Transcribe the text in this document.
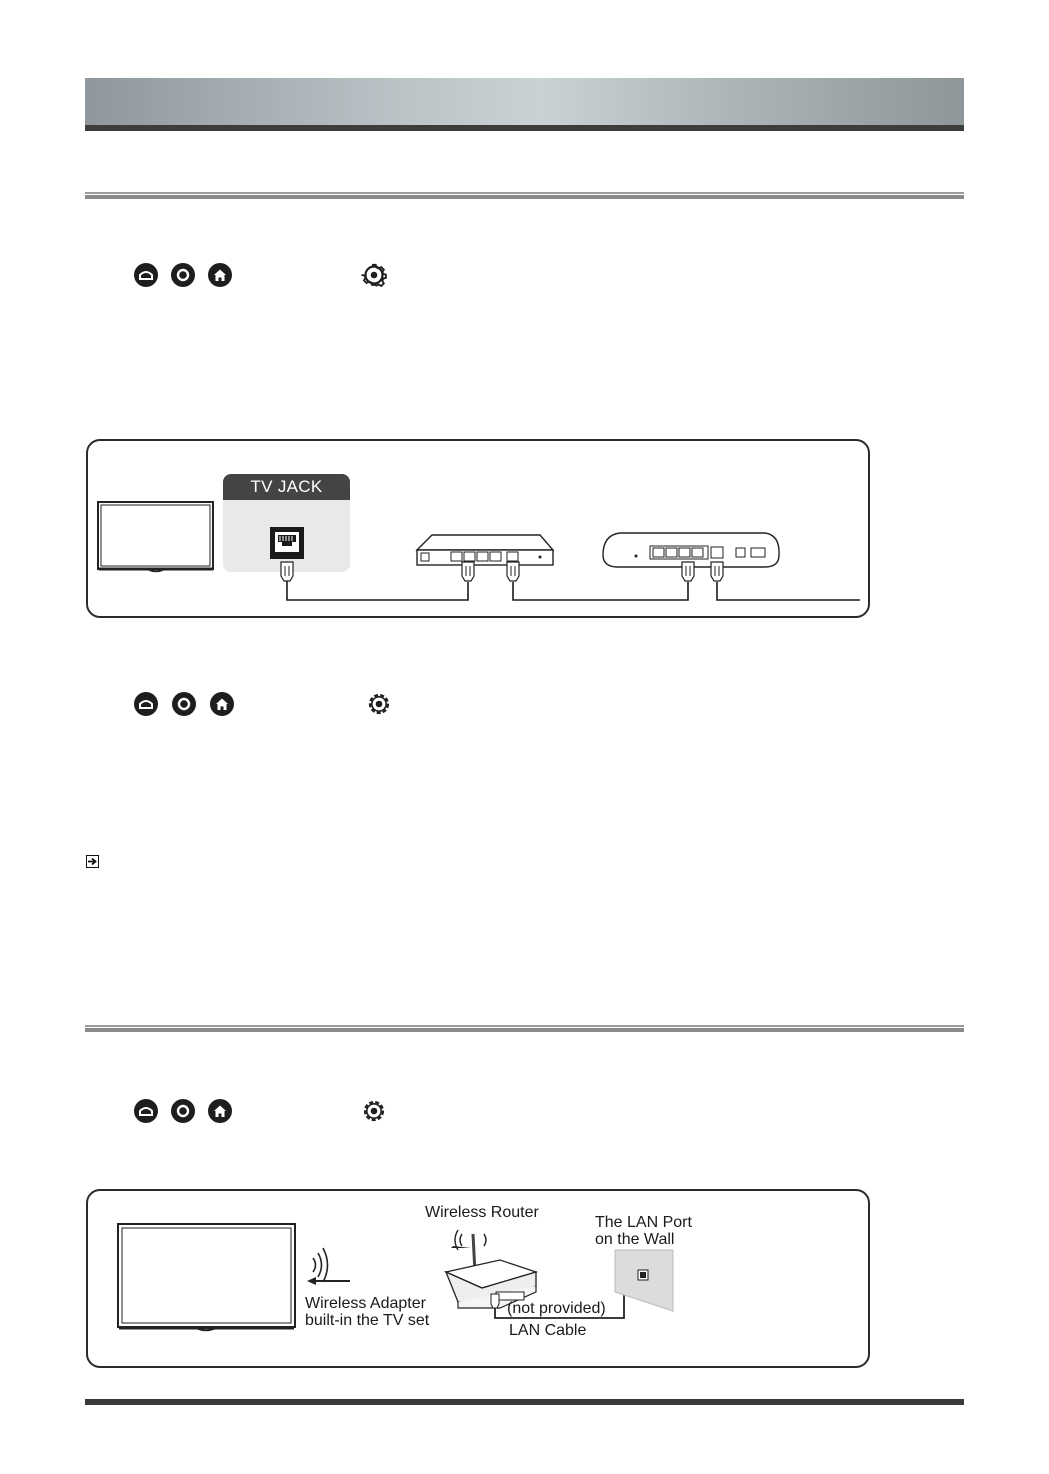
TV JACK
Wireless Router
The LAN Port
on the Wall
Wireless Adapter
built-in the TV set
(not provided)
LAN Cable
